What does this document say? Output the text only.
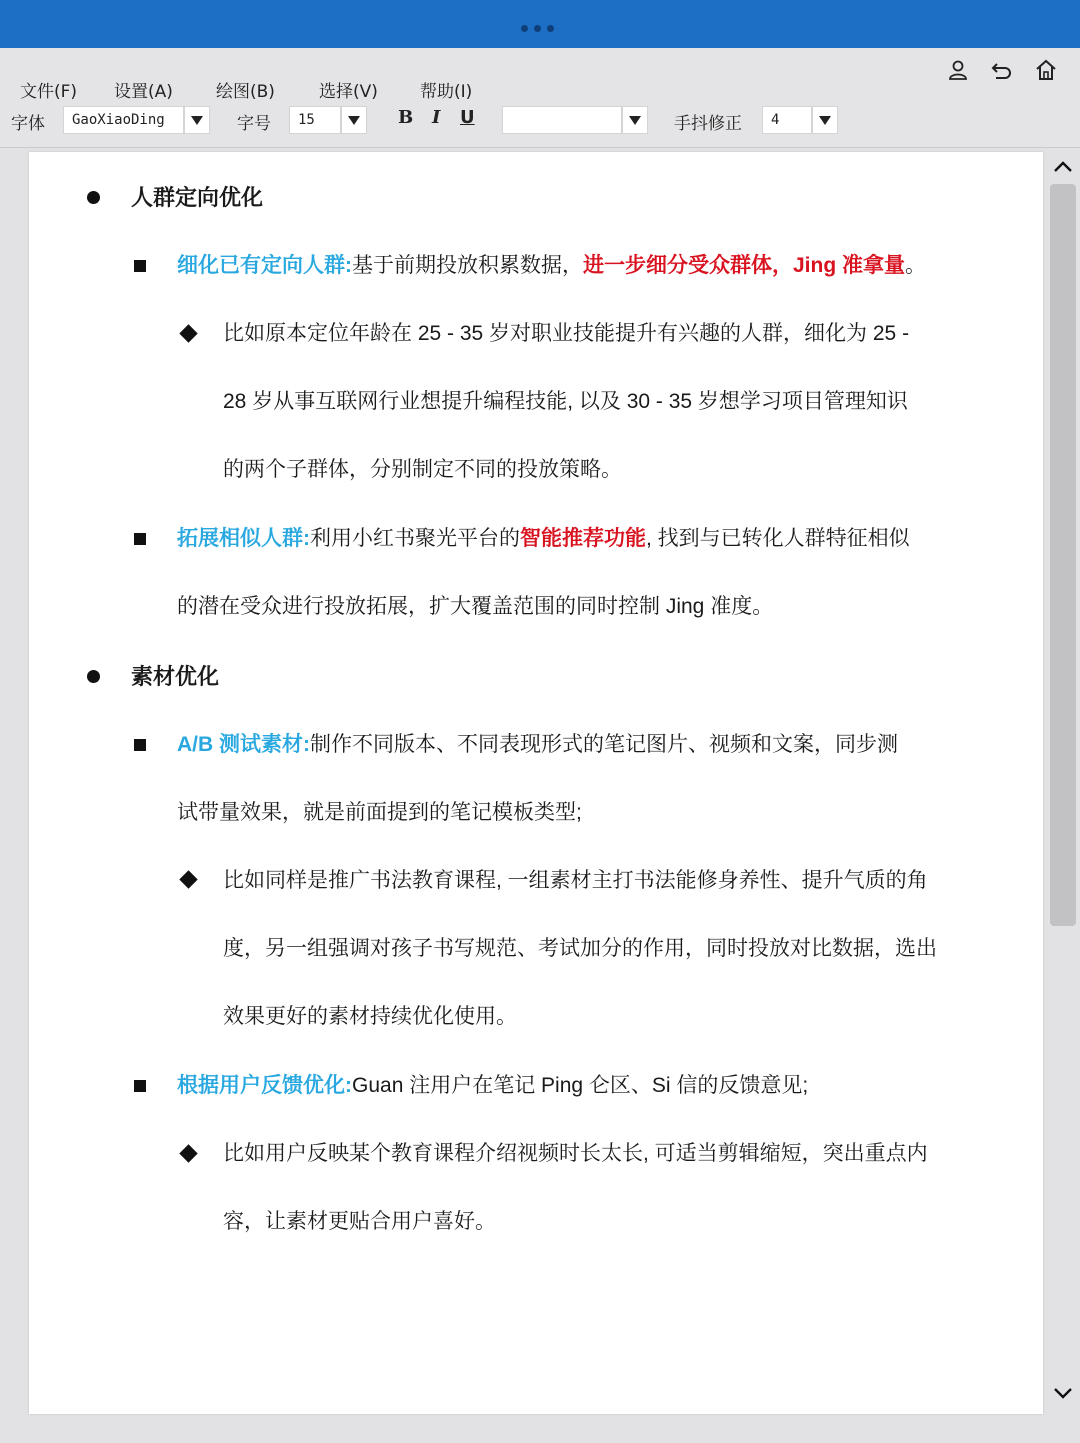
文件(F) 设置(A)	绘图(B)	选择(V) 帮助(I)
字体	GaoXiaoDing	字号	15	B I U	手抖修正	4
人群定向优化
细化已有定向人群:基于前期投放积累数据，进一步细分受众群体，Jing 准拿量。
比如原本定位年龄在 25 - 35 岁对职业技能提升有兴趣的人群，细化为 25 -
28 岁从事互联网行业想提升编程技能, 以及 30 - 35 岁想学习项目管理知识
的两个子群体，分别制定不同的投放策略。
拓展相似人群:利用小红书聚光平台的智能推荐功能, 找到与已转化人群特征相似
的潜在受众进行投放拓展，扩大覆盖范围的同时控制 Jing 准度。
素材优化
A/B 测试素材:制作不同版本、不同表现形式的笔记图片、视频和文案，同步测
试带量效果，就是前面提到的笔记模板类型;
比如同样是推广书法教育课程, 一组素材主打书法能修身养性、提升气质的角
度，另一组强调对孩子书写规范、考试加分的作用，同时投放对比数据，选出
效果更好的素材持续优化使用。
根据用户反馈优化:Guan 注用户在笔记 Ping 仑区、Si 信的反馈意见;
比如用户反映某个教育课程介绍视频时长太长, 可适当剪辑缩短，突出重点内
容，让素材更贴合用户喜好。
